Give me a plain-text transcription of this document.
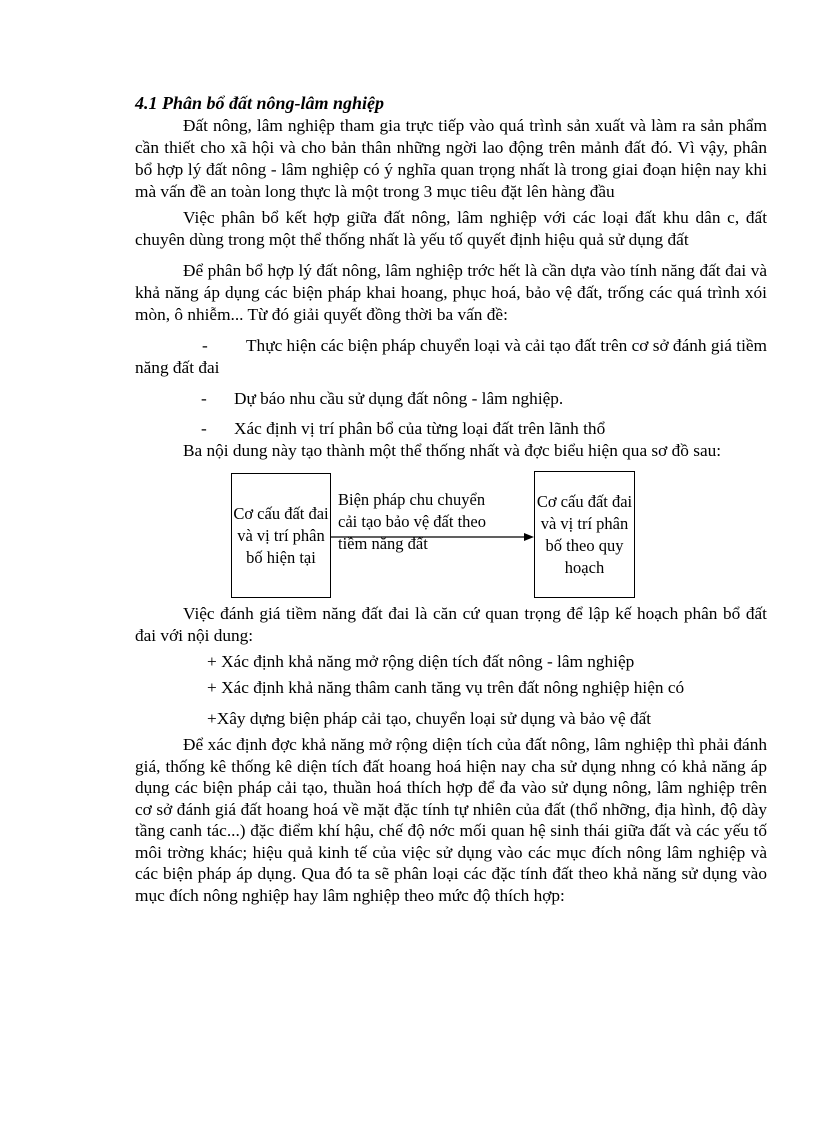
4.1 Phân bổ đất nông-lâm nghiệp
Đất nông, lâm nghiệp tham gia trực tiếp vào quá trình sản xuất và làm ra sản phẩm cần thiết cho xã hội và cho bản thân những ngời lao động trên mảnh đất đó. Vì vậy, phân bổ hợp lý đất nông - lâm nghiệp có ý nghĩa quan trọng nhất là trong giai đoạn hiện nay khi mà vấn đề an toàn long thực là một trong 3 mục tiêu đặt lên hàng đầu
Việc phân bổ kết hợp giữa đất nông, lâm nghiệp với các loại đất khu dân c, đất chuyên dùng trong một thể thống nhất là yếu tố quyết định hiệu quả sử dụng đất
Để phân bổ hợp lý đất nông, lâm nghiệp trớc hết là cần dựa vào tính năng đất đai và khả năng áp dụng các biện pháp khai hoang, phục hoá, bảo vệ đất, trống các quá trình xói mòn, ô nhiễm... Từ đó giải quyết đồng thời ba vấn đề:
- Thực hiện các biện pháp chuyển loại và cải tạo đất trên cơ sở đánh giá tiềm năng đất đai
-	Dự báo nhu cầu sử dụng đất nông - lâm nghiệp.
-	Xác định vị trí phân bổ của từng loại đất trên lãnh thổ
Ba nội dung này tạo thành một thể thống nhất và đợc biểu hiện qua sơ đồ sau:
Cơ cấu đất đai và vị trí phân bố hiện tại
Biện pháp chu chuyển
cải tạo bảo vệ đất theo
tiềm năng đất
Cơ cấu đất đai và vị trí phân bố theo quy hoạch
Việc đánh giá tiềm năng đất đai là căn cứ quan trọng để lập kế hoạch phân bổ đất đai với nội dung:
+ Xác định khả năng mở rộng diện tích đất nông - lâm nghiệp
+ Xác định khả năng thâm canh tăng vụ trên đất nông nghiệp hiện có
+Xây dựng biện pháp cải tạo, chuyển loại sử dụng và bảo vệ đất
Để xác định đợc khả năng mở rộng diện tích của đất nông, lâm nghiệp thì phải đánh giá, thống kê thống kê diện tích đất hoang hoá hiện nay cha sử dụng nhng có khả năng áp dụng các biện pháp cải tạo, thuần hoá thích hợp để đa vào sử dụng nông, lâm nghiệp trên cơ sở đánh giá đất hoang hoá về mặt đặc tính tự nhiên của đất (thổ nhỡng, địa hình, độ dày tầng canh tác...) đặc điểm khí hậu, chế độ nớc mối quan hệ sinh thái giữa đất và các yếu tố môi trờng khác; hiệu quả kinh tế của việc sử dụng vào các mục đích nông lâm nghiệp và các biện pháp áp dụng. Qua đó ta sẽ phân loại các đặc tính đất theo khả năng sử dụng vào mục đích nông nghiệp hay lâm nghiệp theo mức độ thích hợp:
